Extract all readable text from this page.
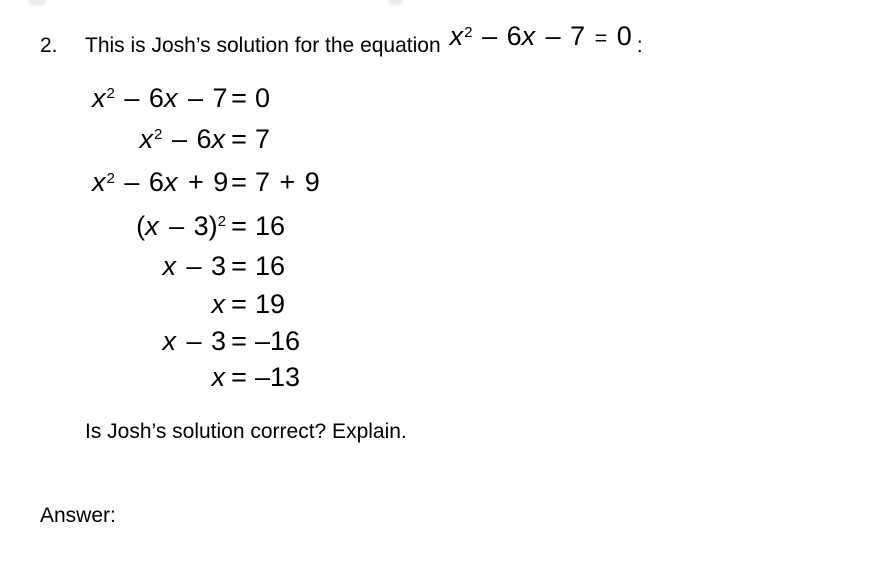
2.	This is Josh’s solution for the equation $x^2 - 6x - 7 = 0$ :
$x^2 - 6x - 7 = 0$
$x^2 - 6x = 7$
$x^2 - 6x + 9 = 7 + 9$
(x – 3)$^2$ = 16
x – 3 = 16
x = 19
x – 3 = –16
x = –13
Is Josh’s solution correct? Explain.
Answer:
